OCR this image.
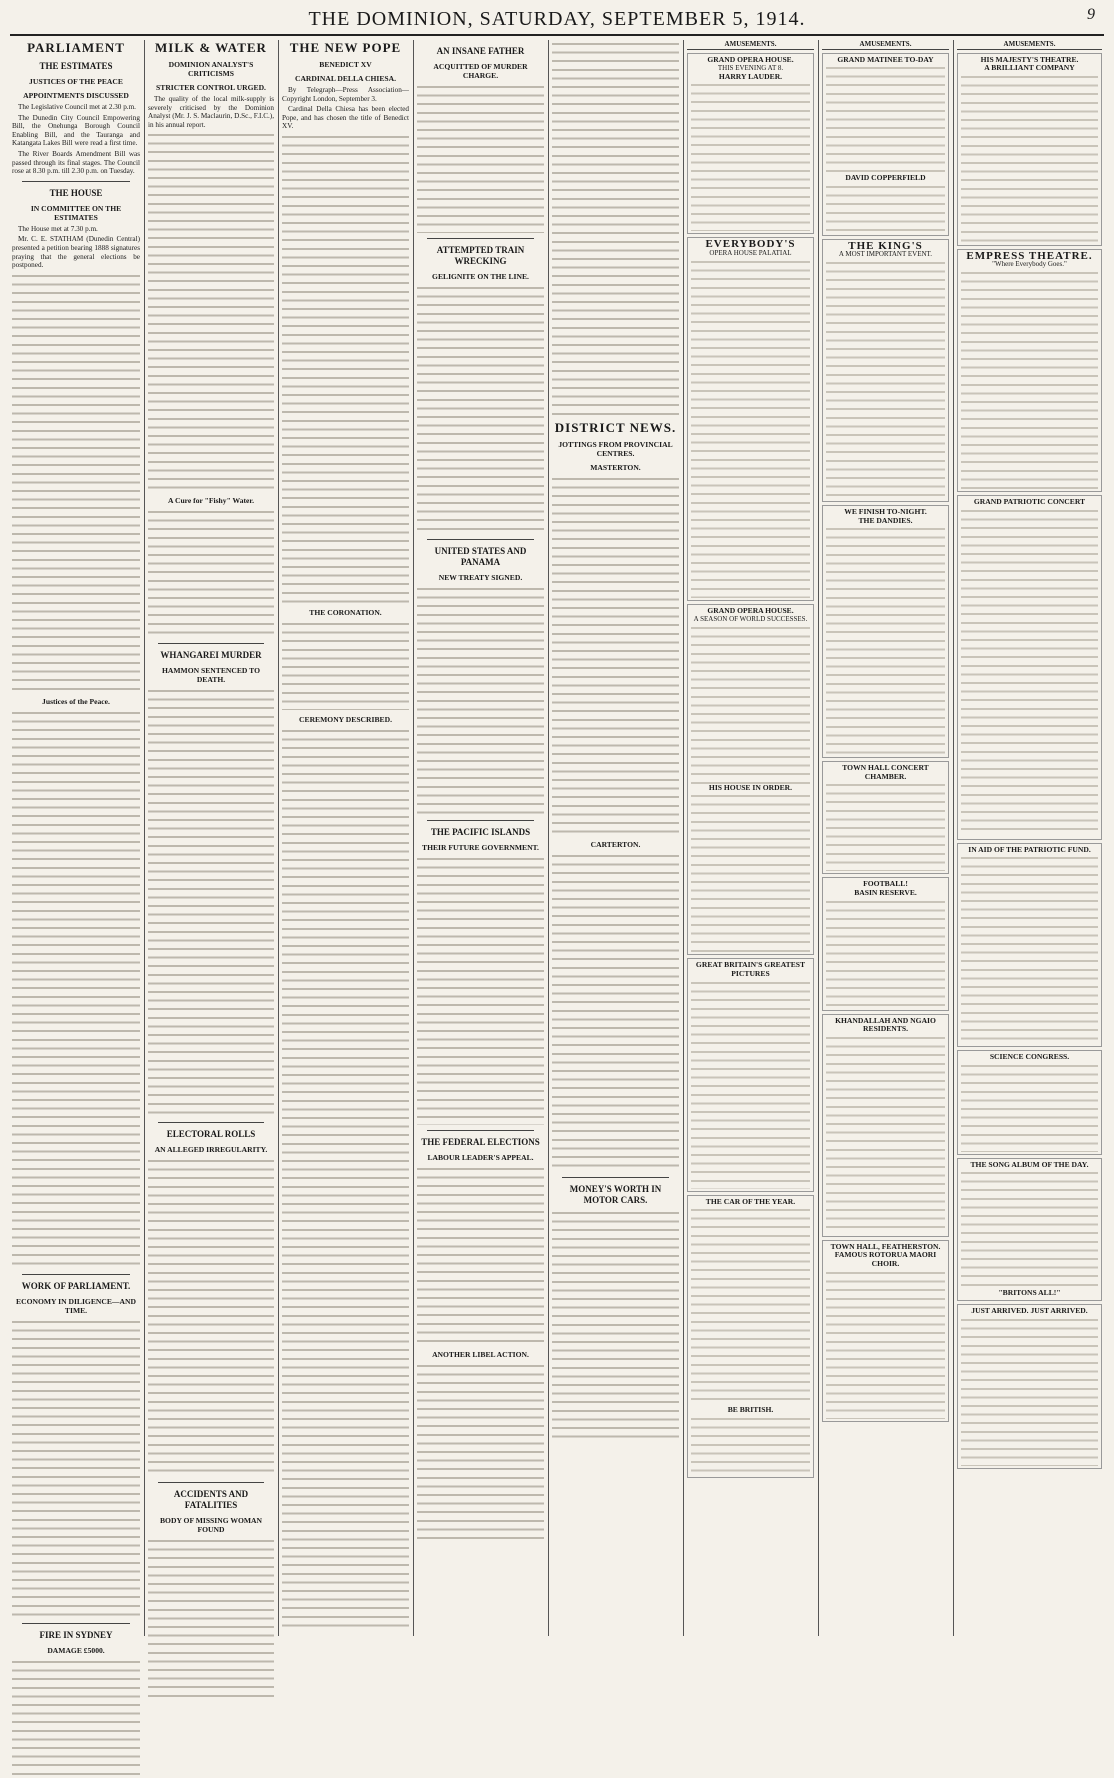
THE DOMINION, SATURDAY, SEPTEMBER 5, 1914.	9
PARLIAMENT
THE ESTIMATES
JUSTICES OF THE PEACE
APPOINTMENTS DISCUSSED

The Legislative Council met at 2.30 p.m.

The Dunedin City Council Empowering Bill, the Onehunga Borough Council Enabling Bill, and the Tauranga and Katangata Lakes Bill were read a first time.

The River Boards Amendment Bill was passed through its final stages. The Council rose at 8.30 p.m. till 2.30 p.m. on Tuesday.

THE HOUSE
IN COMMITTEE ON THE ESTIMATES

The House met at 7.30 p.m.

Mr. C. E. STATHAM (Dunedin Central) presented a petition bearing 1888 signatures praying that the general elections be postponed.

Justices of the Peace.
WORK OF PARLIAMENT.
ECONOMY IN DILIGENCE—AND TIME.
FIRE IN SYDNEY
DAMAGE £5000.
MILK & WATER
DOMINION ANALYST'S CRITICISMS
STRICTER CONTROL URGED.

The quality of the local milk-supply is severely criticised by the Dominion Analyst (Mr. J. S. Maclaurin, D.Sc., F.I.C.), in his annual report.

A Cure for "Fishy" Water.
WHANGAREI MURDER
HAMMON SENTENCED TO DEATH.
ELECTORAL ROLLS
AN ALLEGED IRREGULARITY.
ACCIDENTS AND FATALITIES
BODY OF MISSING WOMAN FOUND
THE NEW POPE
BENEDICT XV
CARDINAL DELLA CHIESA.

By Telegraph—Press Association—Copyright London, September 3.

Cardinal Della Chiesa has been elected Pope, and has chosen the title of Benedict XV.

THE CORONATION.
CEREMONY DESCRIBED.
AN INSANE FATHER
ACQUITTED OF MURDER CHARGE.
ATTEMPTED TRAIN WRECKING
GELIGNITE ON THE LINE.
UNITED STATES AND PANAMA
NEW TREATY SIGNED.
THE PACIFIC ISLANDS
THEIR FUTURE GOVERNMENT.
THE FEDERAL ELECTIONS
LABOUR LEADER'S APPEAL.
ANOTHER LIBEL ACTION.
DISTRICT NEWS.
JOTTINGS FROM PROVINCIAL CENTRES.
MASTERTON.
CARTERTON.
MONEY'S WORTH IN MOTOR CARS.
AMUSEMENTS.
GRAND OPERA HOUSE.
THIS EVENING AT 8.
HARRY LAUDER.
EVERYBODY'S
OPERA HOUSE PALATIAL
GRAND OPERA HOUSE.
A SEASON OF WORLD SUCCESSES.
HIS HOUSE IN ORDER.
GREAT BRITAIN'S GREATEST PICTURES
THE CAR OF THE YEAR.
BE BRITISH.
AMUSEMENTS.
GRAND MATINEE TO-DAY
DAVID COPPERFIELD
THE KING'S
A MOST IMPORTANT EVENT.
WE FINISH TO-NIGHT.
THE DANDIES.
TOWN HALL CONCERT CHAMBER.
FOOTBALL!
BASIN RESERVE.
KHANDALLAH AND NGAIO RESIDENTS.
TOWN HALL, FEATHERSTON.
FAMOUS ROTORUA MAORI CHOIR.
AMUSEMENTS.
HIS MAJESTY'S THEATRE.
A BRILLIANT COMPANY
EMPRESS THEATRE.
"Where Everybody Goes."
GRAND PATRIOTIC CONCERT
IN AID OF THE PATRIOTIC FUND.
SCIENCE CONGRESS.
THE SONG ALBUM OF THE DAY.
"BRITONS ALL!"
JUST ARRIVED. JUST ARRIVED.
